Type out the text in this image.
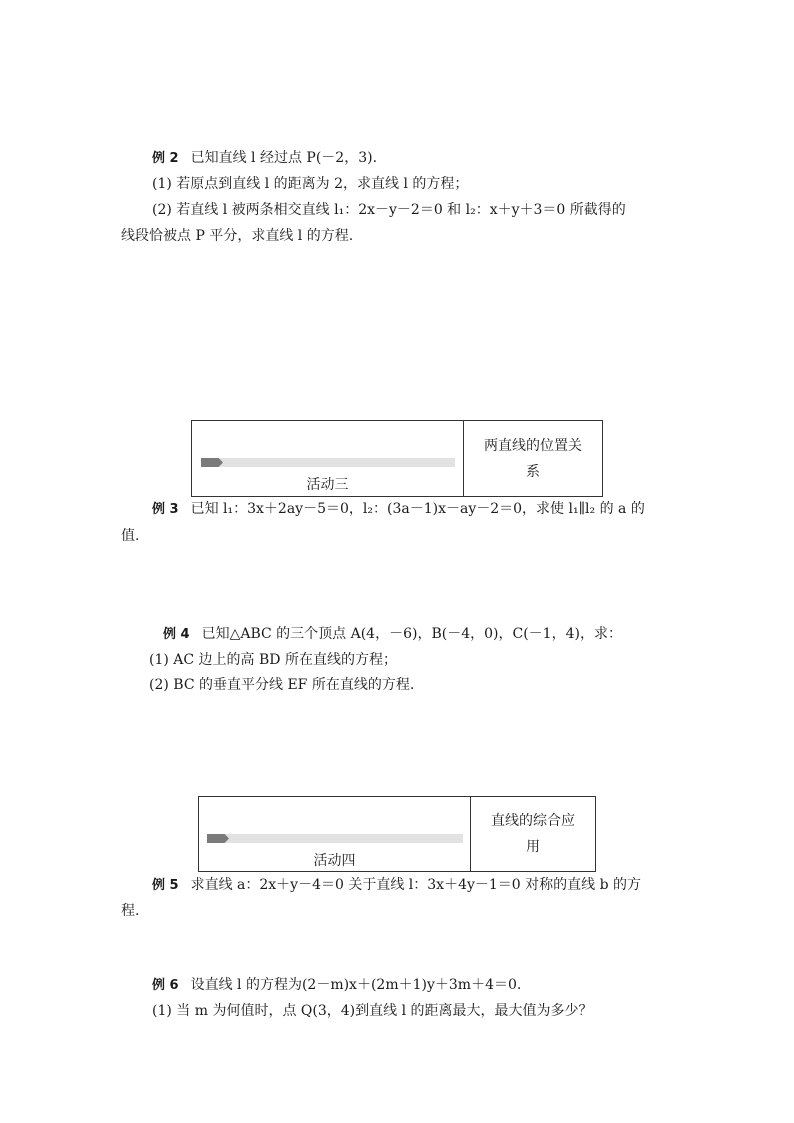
例 2 已知直线 l 经过点 P(－2，3).
(1) 若原点到直线 l 的距离为 2，求直线 l 的方程；
(2) 若直线 l 被两条相交直线 l₁：2x－y－2＝0 和 l₂：x＋y＋3＝0 所截得的
线段恰被点 P 平分，求直线 l 的方程.
活动三
两直线的位置关
系
例 3 已知 l₁：3x＋2ay－5＝0，l₂：(3a－1)x－ay－2＝0，求使 l₁∥l₂ 的 a 的
值.
例 4 已知△ABC 的三个顶点 A(4，－6)，B(－4，0)，C(－1，4)，求：
(1) AC 边上的高 BD 所在直线的方程；
(2) BC 的垂直平分线 EF 所在直线的方程.
活动四
直线的综合应
用
例 5 求直线 a：2x＋y－4＝0 关于直线 l：3x＋4y－1＝0 对称的直线 b 的方
程.
例 6 设直线 l 的方程为(2－m)x＋(2m＋1)y＋3m＋4＝0.
(1) 当 m 为何值时，点 Q(3，4)到直线 l 的距离最大，最大值为多少？
